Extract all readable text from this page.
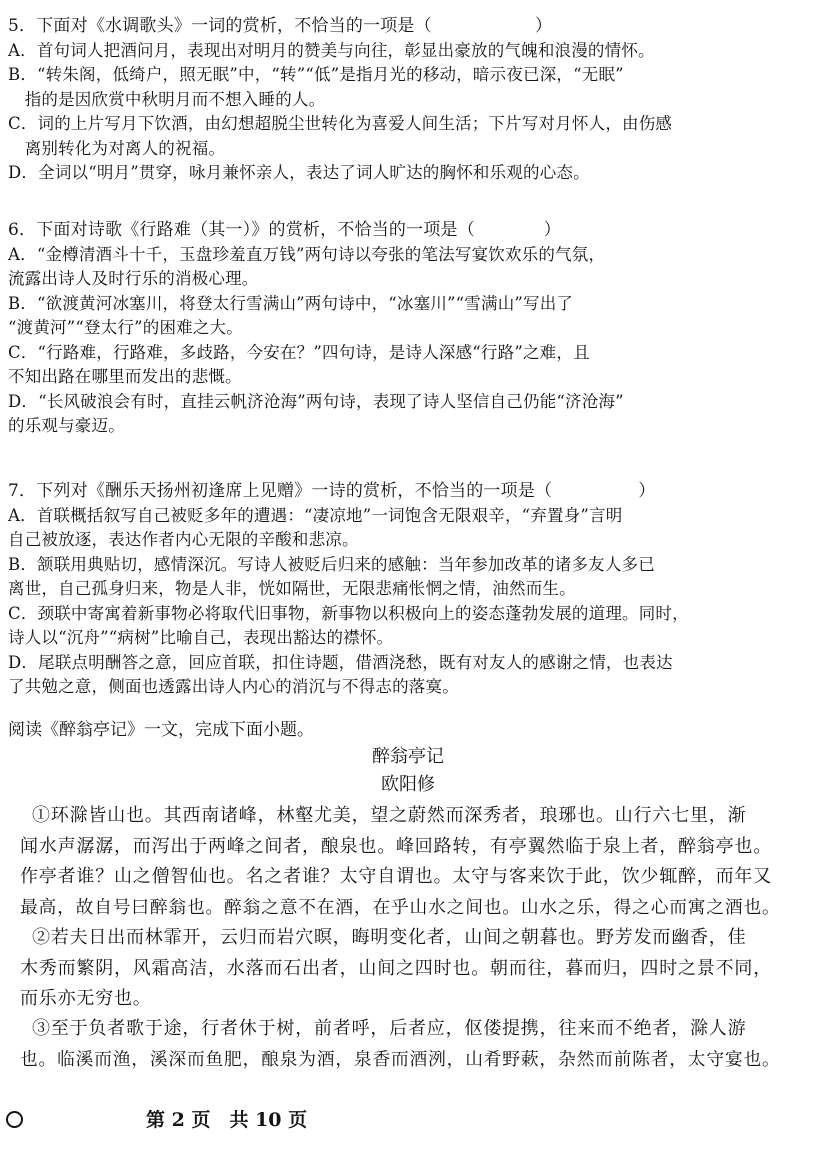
5．下面对《水调歌头》一词的赏析，不恰当的一项是（　　　　　　）
A．首句词人把酒问月，表现出对明月的赞美与向往，彰显出豪放的气魄和浪漫的情怀。
B．“转朱阁，低绮户，照无眠”中，“转”“低”是指月光的移动，暗示夜已深，“无眠”
　指的是因欣赏中秋明月而不想入睡的人。
C．词的上片写月下饮酒，由幻想超脱尘世转化为喜爱人间生活；下片写对月怀人，由伤感
　离别转化为对离人的祝福。
D．全词以“明月”贯穿，咏月兼怀亲人，表达了词人旷达的胸怀和乐观的心态。
6．下面对诗歌《行路难（其一）》的赏析，不恰当的一项是（　　　　）
A．“金樽清酒斗十千，玉盘珍羞直万钱”两句诗以夸张的笔法写宴饮欢乐的气氛，
流露出诗人及时行乐的消极心理。
B．“欲渡黄河冰塞川，将登太行雪满山”两句诗中，“冰塞川”“雪满山”写出了
“渡黄河”“登太行”的困难之大。
C．“行路难，行路难，多歧路，今安在？”四句诗，是诗人深感“行路”之难，且
不知出路在哪里而发出的悲慨。
D．“长风破浪会有时，直挂云帆济沧海”两句诗，表现了诗人坚信自己仍能“济沧海”
的乐观与豪迈。
7．下列对《酬乐天扬州初逢席上见赠》一诗的赏析，不恰当的一项是（　　　　　）
A．首联概括叙写自己被贬多年的遭遇：“凄凉地”一词饱含无限艰辛，“弃置身”言明
自己被放逐，表达作者内心无限的辛酸和悲凉。
B．颔联用典贴切，感情深沉。写诗人被贬后归来的感触：当年参加改革的诸多友人多已
离世，自己孤身归来，物是人非，恍如隔世，无限悲痛怅惘之情，油然而生。
C．颈联中寄寓着新事物必将取代旧事物，新事物以积极向上的姿态蓬勃发展的道理。同时，
诗人以“沉舟”“病树”比喻自己，表现出豁达的襟怀。
D．尾联点明酬答之意，回应首联，扣住诗题，借酒浇愁，既有对友人的感谢之情，也表达
了共勉之意，侧面也透露出诗人内心的消沉与不得志的落寞。
阅读《醉翁亭记》一文，完成下面小题。
醉翁亭记
欧阳修
①环滁皆山也。其西南诸峰，林壑尤美，望之蔚然而深秀者，琅琊也。山行六七里，渐
闻水声潺潺，而泻出于两峰之间者，酿泉也。峰回路转，有亭翼然临于泉上者，醉翁亭也。
作亭者谁？山之僧智仙也。名之者谁？太守自谓也。太守与客来饮于此，饮少辄醉，而年又
最高，故自号曰醉翁也。醉翁之意不在酒，在乎山水之间也。山水之乐，得之心而寓之酒也。
②若夫日出而林霏开，云归而岩穴暝，晦明变化者，山间之朝暮也。野芳发而幽香，佳
木秀而繁阴，风霜高洁，水落而石出者，山间之四时也。朝而往，暮而归，四时之景不同，
而乐亦无穷也。
③至于负者歌于途，行者休于树，前者呼，后者应，伛偻提携，往来而不绝者，滁人游
也。临溪而渔，溪深而鱼肥，酿泉为酒，泉香而酒洌，山肴野蔌，杂然而前陈者，太守宴也。
第 2 页　共 10 页
